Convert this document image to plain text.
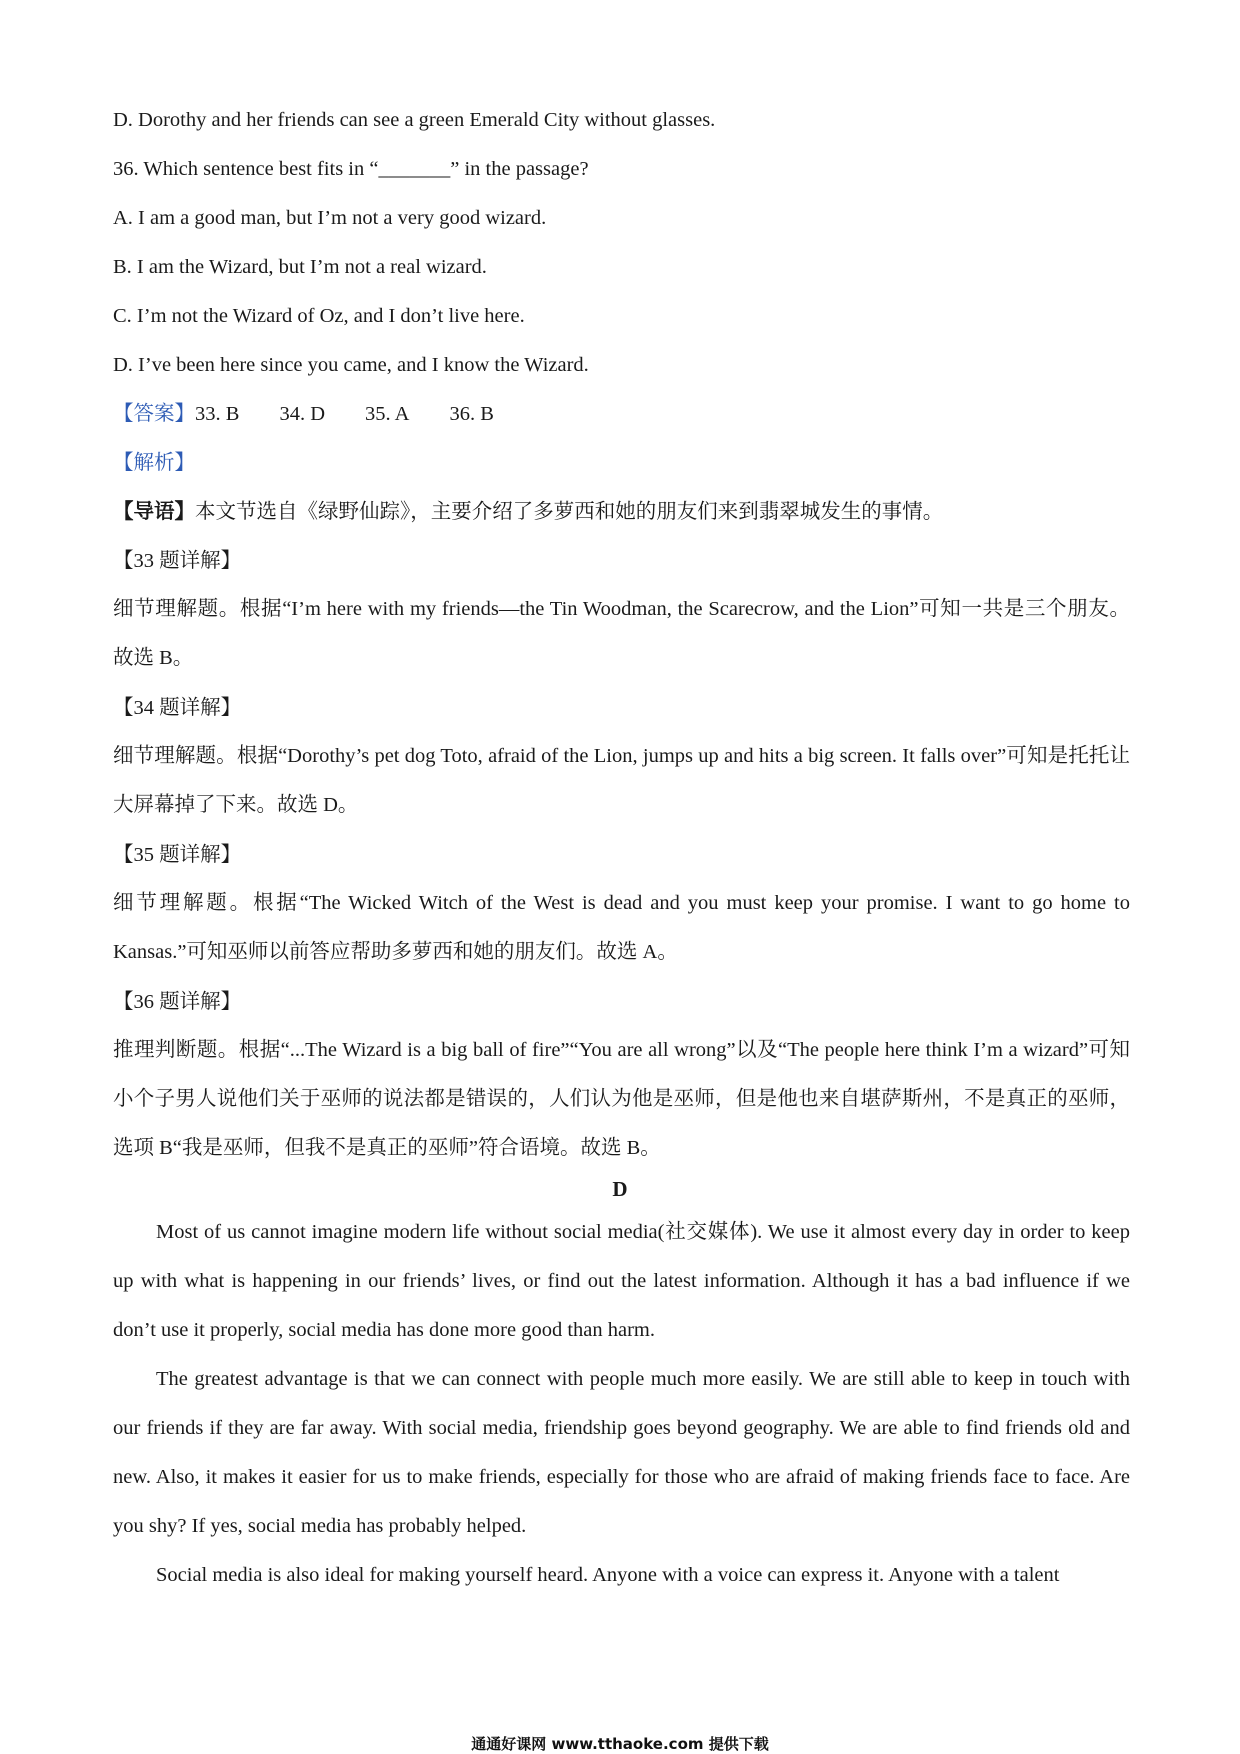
D. Dorothy and her friends can see a green Emerald City without glasses.
36. Which sentence best fits in “_______” in the passage?
A. I am a good man, but I’m not a very good wizard.
B. I am the Wizard, but I’m not a real wizard.
C. I’m not the Wizard of Oz, and I don’t live here.
D. I’ve been here since you came, and I know the Wizard.
【答案】33. B 34. D 35. A 36. B
【解析】
【导语】本文节选自《绿野仙踪》，主要介绍了多萝西和她的朋友们来到翡翠城发生的事情。
【33 题详解】
细节理解题。根据“I’m here with my friends—the Tin Woodman, the Scarecrow, and the Lion”可知一共是三个朋友。故选 B。
【34 题详解】
细节理解题。根据“Dorothy’s pet dog Toto, afraid of the Lion, jumps up and hits a big screen. It falls over”可知是托托让大屏幕掉了下来。故选 D。
【35 题详解】
细节理解题。根据“The Wicked Witch of the West is dead and you must keep your promise. I want to go home to Kansas.”可知巫师以前答应帮助多萝西和她的朋友们。故选 A。
【36 题详解】
推理判断题。根据“...The Wizard is a big ball of fire”“You are all wrong”以及“The people here think I’m a wizard”可知小个子男人说他们关于巫师的说法都是错误的，人们认为他是巫师，但是他也来自堪萨斯州，不是真正的巫师，选项 B“我是巫师，但我不是真正的巫师”符合语境。故选 B。
D
Most of us cannot imagine modern life without social media(社交媒体). We use it almost every day in order to keep up with what is happening in our friends’ lives, or find out the latest information. Although it has a bad influence if we don’t use it properly, social media has done more good than harm.
The greatest advantage is that we can connect with people much more easily. We are still able to keep in touch with our friends if they are far away. With social media, friendship goes beyond geography. We are able to find friends old and new. Also, it makes it easier for us to make friends, especially for those who are afraid of making friends face to face. Are you shy? If yes, social media has probably helped.
Social media is also ideal for making yourself heard. Anyone with a voice can express it. Anyone with a talent
通通好课网 www.tthaoke.com 提供下载
